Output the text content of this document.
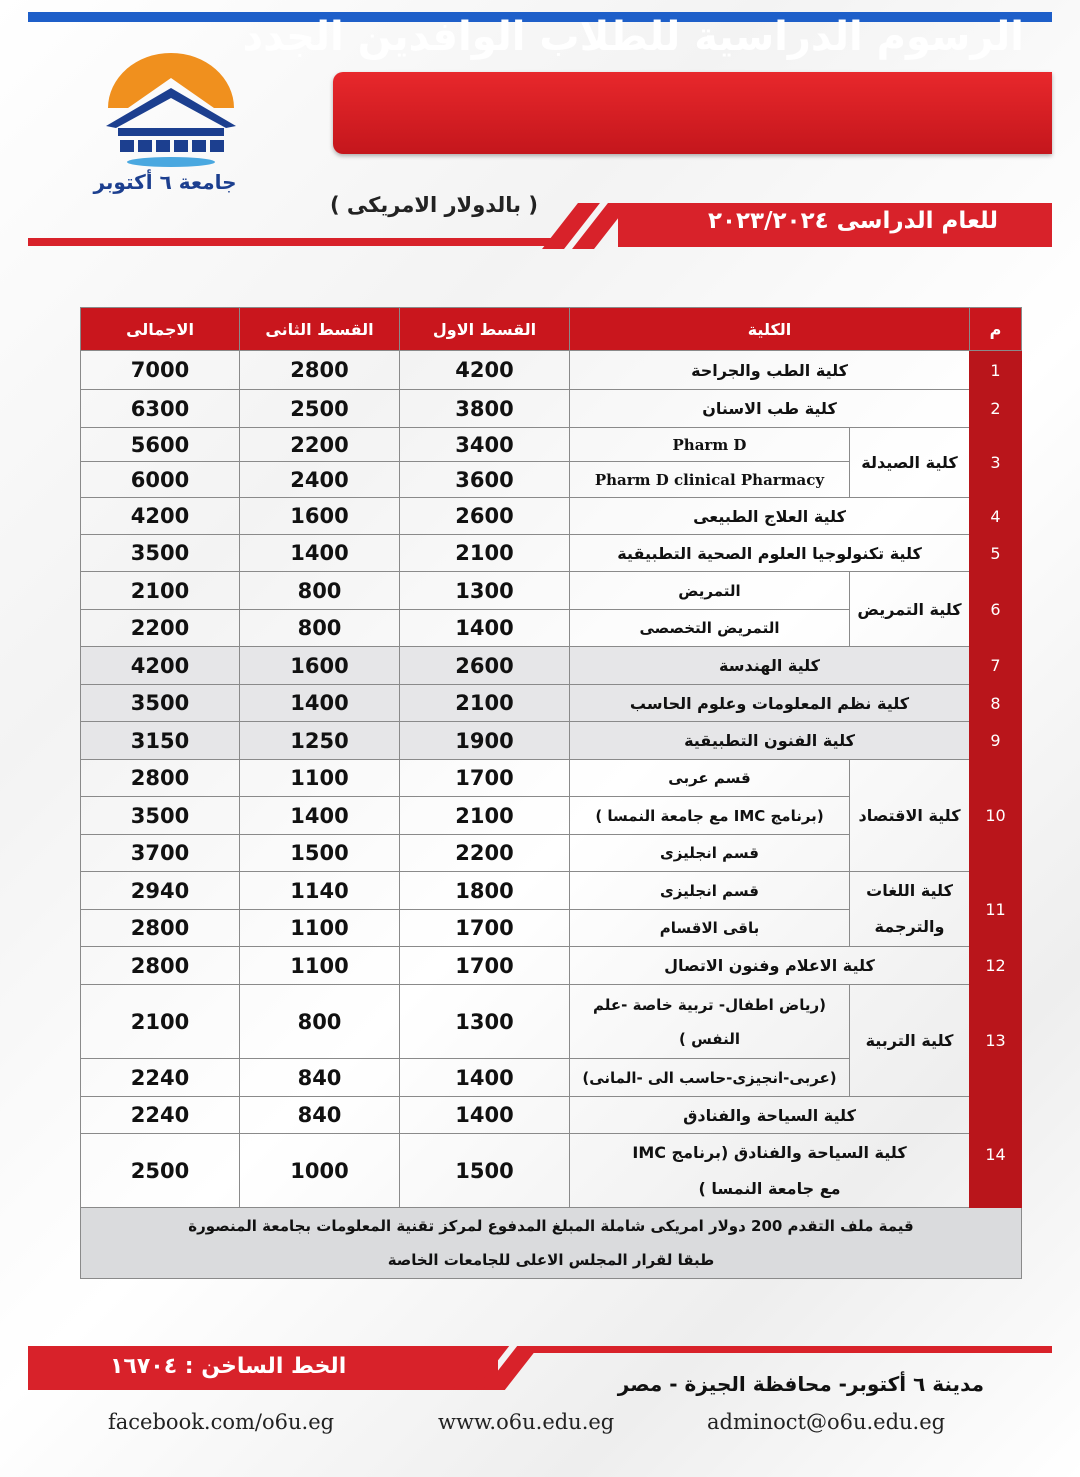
جامعة ٦ أكتوبر
الرسوم الدراسية للطلاب الوافدين الجدد
( بالدولار الامريكى )
للعام الدراسى ٢٠٢٣/٢٠٢٤
م	الكلية		القسط الاول	القسط الثانى	الاجمالى
1	كلية الطب والجراحة		4200	2800	7000
2	كلية طب الاسنان		3800	2500	6300
3	كلية الصيدلة	Pharm D	3400	2200	5600
		Pharm D clinical Pharmacy	3600	2400	6000
4	كلية العلاج الطبيعى		2600	1600	4200
5	كلية تكنولوجيا العلوم الصحية التطبيقية		2100	1400	3500
6	كلية التمريض	التمريض	1300	800	2100
		التمريض التخصصى	1400	800	2200
7	كلية الهندسة		2600	1600	4200
8	كلية نظم المعلومات وعلوم الحاسب		2100	1400	3500
9	كلية الفنون التطبيقية		1900	1250	3150
10	كلية الاقتصاد	قسم عربى	1700	1100	2800
		(برنامج IMC مع جامعة النمسا )	2100	1400	3500
		قسم انجليزى	2200	1500	3700
11	كلية اللغات والترجمة	قسم انجليزى	1800	1140	2940
		باقى الاقسام	1700	1100	2800
12	كلية الاعلام وفنون الاتصال		1700	1100	2800
13	كلية التربية	(رياض اطفال- تربية خاصة -علم النفس )	1300	800	2100
		(عربى-انجيزى-حاسب الى -المانى)	1400	840	2240
14	كلية السياحة والفنادق		1400	840	2240
	كلية السياحة والفنادق (برنامج IMC مع جامعة النمسا )		1500	1000	2500

قيمة ملف التقدم 200 دولار امريكى شاملة المبلغ المدفوع لمركز تقنية المعلومات بجامعة المنصورة
طبقا لقرار المجلس الاعلى للجامعات الخاصة					
الخط الساخن : ١٦٧٠٤
مدينة ٦ أكتوبر- محافظة الجيزة - مصر
facebook.com/o6u.eg	www.o6u.edu.eg	adminoct@o6u.edu.eg
